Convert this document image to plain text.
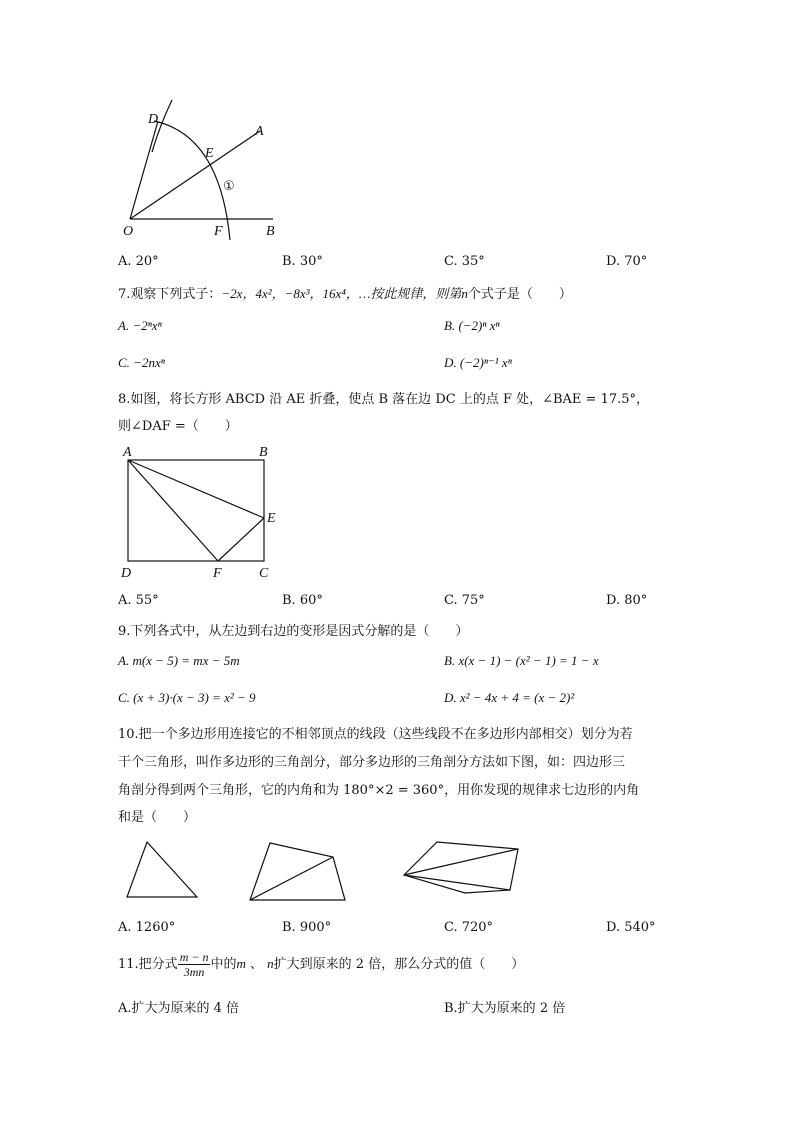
D
E
A
O	F	B
①
A. 20°	B. 30°	C. 35°	D. 70°
7.观察下列式子：−2x，4x²，−8x³，16x⁴，…按此规律，则第n个式子是（　　）
A. −2ⁿxⁿ	B. (−2)ⁿ xⁿ
C. −2nxⁿ	D. (−2)ⁿ⁻¹ xⁿ
8.如图，将长方形 ABCD 沿 AE 折叠，使点 B 落在边 DC 上的点 F 处，∠BAE = 17.5°，
则∠DAF =（　　）
A	B
E
D	F	C
A. 55°	B. 60°	C. 75°	D. 80°
9.下列各式中，从左边到右边的变形是因式分解的是（　　）
A. m(x − 5) = mx − 5m	B. x(x − 1) − (x² − 1) = 1 − x
C. (x + 3)·(x − 3) = x² − 9	D. x² − 4x + 4 = (x − 2)²
10.把一个多边形用连接它的不相邻顶点的线段（这些线段不在多边形内部相交）划分为若
干个三角形，叫作多边形的三角剖分，部分多边形的三角剖分方法如下图，如：四边形三
角剖分得到两个三角形，它的内角和为 180°×2 = 360°，用你发现的规律求七边形的内角
和是（　　）
A. 1260°	B. 900°	C. 720°	D. 540°
11.把分式 $\frac{m - n}{3mn}$ 中的m 、 n扩大到原来的 2 倍，那么分式的值（　　）
A.扩大为原来的 4 倍	B.扩大为原来的 2 倍
